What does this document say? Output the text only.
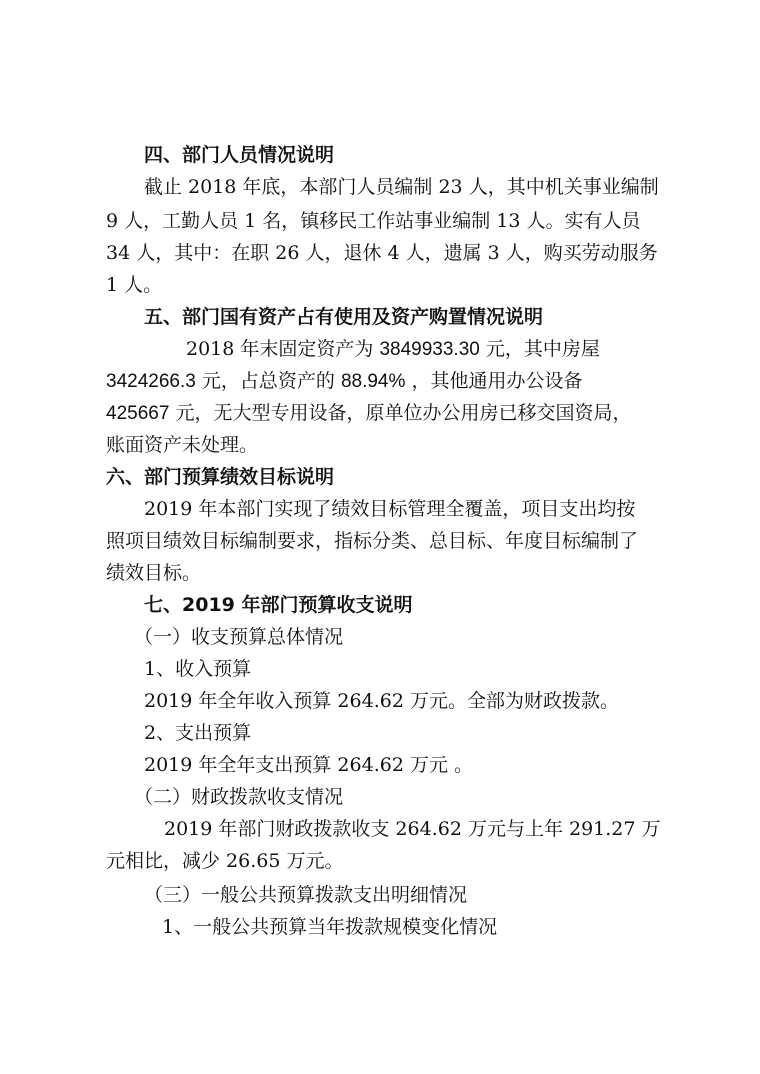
四、部门人员情况说明
截止 2018 年底，本部门人员编制 23 人，其中机关事业编制
9 人，工勤人员 1 名，镇移民工作站事业编制 13 人。实有人员
34 人，其中：在职 26 人，退休 4 人，遗属 3 人，购买劳动服务
1 人。
五、部门国有资产占有使用及资产购置情况说明
2018 年末固定资产为 3849933.30 元，其中房屋
3424266.3 元，占总资产的 88.94% ，其他通用办公设备
425667 元，无大型专用设备，原单位办公用房已移交国资局，
账面资产未处理。
六、部门预算绩效目标说明
2019 年本部门实现了绩效目标管理全覆盖，项目支出均按
照项目绩效目标编制要求，指标分类、总目标、年度目标编制了
绩效目标。
七、2019 年部门预算收支说明
（一）收支预算总体情况
1、收入预算
2019 年全年收入预算 264.62 万元。全部为财政拨款。
2、支出预算
2019 年全年支出预算 264.62 万元 。
（二）财政拨款收支情况
2019 年部门财政拨款收支 264.62 万元与上年 291.27 万
元相比，减少 26.65 万元。
（三）一般公共预算拨款支出明细情况
1、一般公共预算当年拨款规模变化情况
